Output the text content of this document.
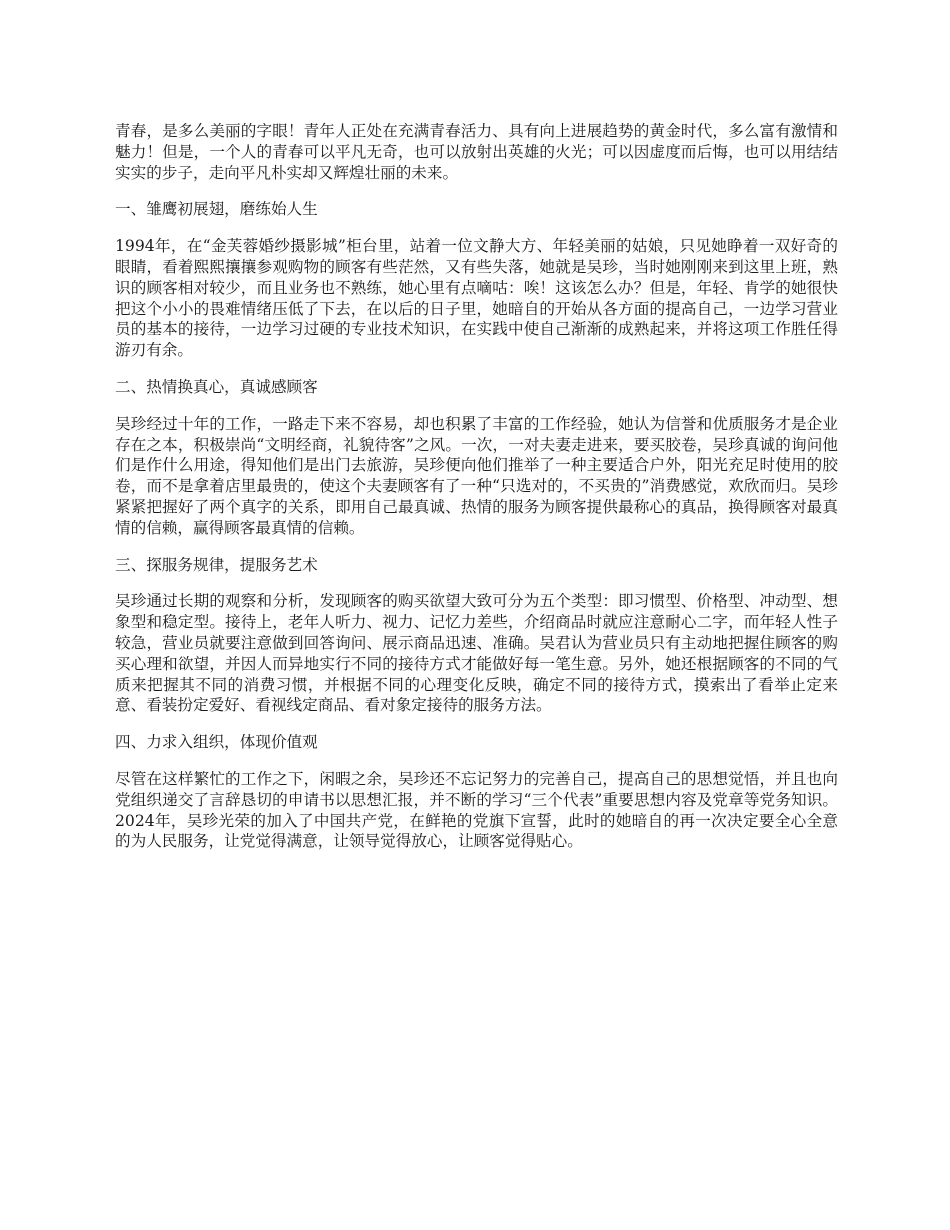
青春，是多么美丽的字眼！青年人正处在充满青春活力、具有向上进展趋势的黄金时代，多么富有激情和魅力！但是，一个人的青春可以平凡无奇，也可以放射出英雄的火光；可以因虚度而后悔，也可以用结结实实的步子，走向平凡朴实却又辉煌壮丽的未来。

一、雏鹰初展翅，磨练始人生

1994年，在“金芙蓉婚纱摄影城”柜台里，站着一位文静大方、年轻美丽的姑娘，只见她睁着一双好奇的眼睛，看着熙熙攘攘参观购物的顾客有些茫然，又有些失落，她就是吴珍，当时她刚刚来到这里上班，熟识的顾客相对较少，而且业务也不熟练，她心里有点嘀咕：唉！这该怎么办？但是，年轻、肯学的她很快把这个小小的畏难情绪压低了下去，在以后的日子里，她暗自的开始从各方面的提高自己，一边学习营业员的基本的接待，一边学习过硬的专业技术知识，在实践中使自己渐渐的成熟起来，并将这项工作胜任得游刃有余。

二、热情换真心，真诚感顾客

吴珍经过十年的工作，一路走下来不容易，却也积累了丰富的工作经验，她认为信誉和优质服务才是企业存在之本，积极崇尚“文明经商，礼貌待客”之风。一次，一对夫妻走进来，要买胶卷，吴珍真诚的询问他们是作什么用途，得知他们是出门去旅游，吴珍便向他们推举了一种主要适合户外，阳光充足时使用的胶卷，而不是拿着店里最贵的，使这个夫妻顾客有了一种“只选对的，不买贵的”消费感觉，欢欣而归。吴珍紧紧把握好了两个真字的关系，即用自己最真诚、热情的服务为顾客提供最称心的真品，换得顾客对最真情的信赖，赢得顾客最真情的信赖。

三、探服务规律，提服务艺术

吴珍通过长期的观察和分析，发现顾客的购买欲望大致可分为五个类型：即习惯型、价格型、冲动型、想象型和稳定型。接待上，老年人听力、视力、记忆力差些，介绍商品时就应注意耐心二字，而年轻人性子较急，营业员就要注意做到回答询问、展示商品迅速、准确。吴君认为营业员只有主动地把握住顾客的购买心理和欲望，并因人而异地实行不同的接待方式才能做好每一笔生意。另外，她还根据顾客的不同的气质来把握其不同的消费习惯，并根据不同的心理变化反映，确定不同的接待方式，摸索出了看举止定来意、看装扮定爱好、看视线定商品、看对象定接待的服务方法。

四、力求入组织，体现价值观

尽管在这样繁忙的工作之下，闲暇之余，吴珍还不忘记努力的完善自己，提高自己的思想觉悟，并且也向党组织递交了言辞恳切的申请书以思想汇报，并不断的学习“三个代表”重要思想内容及党章等党务知识。2024年，吴珍光荣的加入了中国共产党，在鲜艳的党旗下宣誓，此时的她暗自的再一次决定要全心全意的为人民服务，让党觉得满意，让领导觉得放心，让顾客觉得贴心。
